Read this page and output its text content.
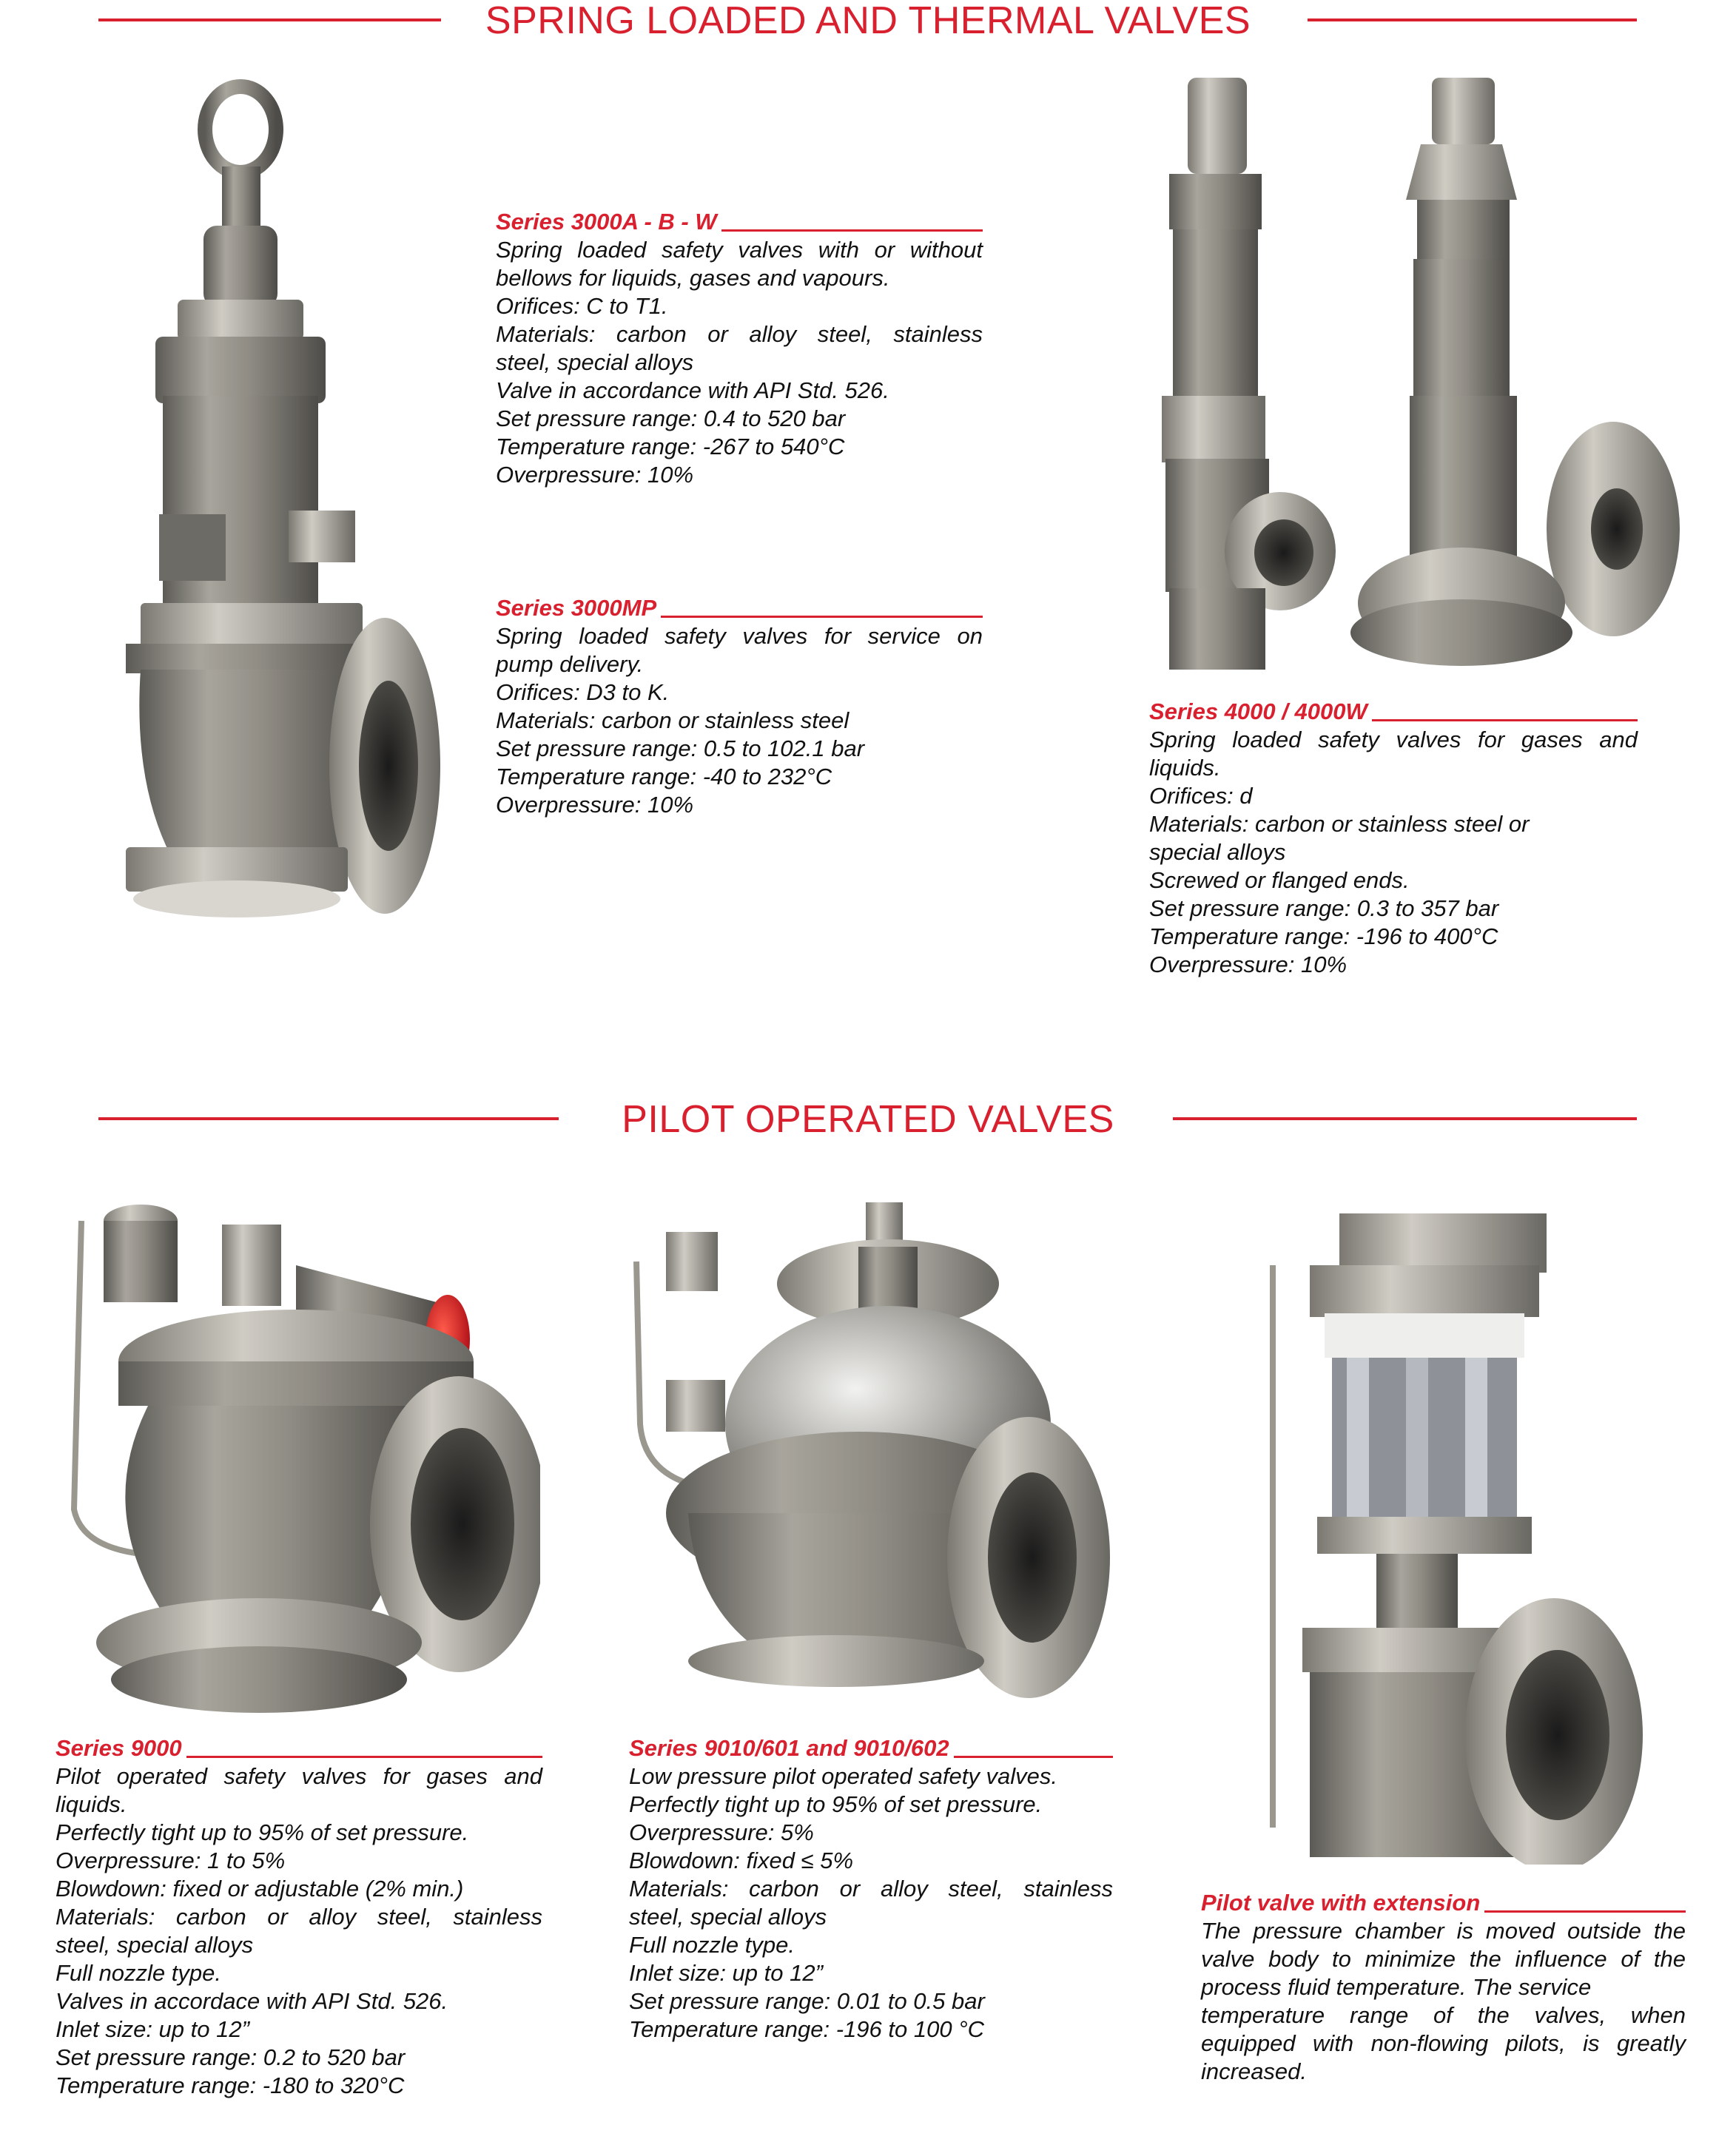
SPRING LOADED AND THERMAL VALVES
Series 3000A - B - W
Spring loaded safety valves with or without
bellows for liquids, gases and vapours.
Orifices: C to T1.
Materials: carbon or alloy steel, stainless
steel, special alloys
Valve in accordance with API Std. 526.
Set pressure range: 0.4 to 520 bar
Temperature range: -267 to 540°C
Overpressure: 10%
Series 3000MP
Spring loaded safety valves for service on
pump delivery.
Orifices: D3 to K.
Materials: carbon or stainless steel
Set pressure range: 0.5 to 102.1 bar
Temperature range: -40 to 232°C
Overpressure: 10%
Series 4000 / 4000W
Spring loaded safety valves for gases and
liquids.
Orifices: d
Materials: carbon or stainless steel or
special alloys
Screwed or flanged ends.
Set pressure range: 0.3 to 357 bar
Temperature range: -196 to 400°C
Overpressure: 10%
PILOT OPERATED VALVES
Series 9000
Pilot operated safety valves for gases and
liquids.
Perfectly tight up to 95% of set pressure.
Overpressure: 1 to 5%
Blowdown: fixed or adjustable (2% min.)
Materials: carbon or alloy steel, stainless
steel, special alloys
Full nozzle type.
Valves in accordace with API Std. 526.
Inlet size: up to 12”
Set pressure range: 0.2 to 520 bar
Temperature range: -180 to 320°C
Series 9010/601 and 9010/602
Low pressure pilot operated safety valves.
Perfectly tight up to 95% of set pressure.
Overpressure: 5%
Blowdown: fixed ≤ 5%
Materials: carbon or alloy steel, stainless
steel, special alloys
Full nozzle type.
Inlet size: up to 12”
Set pressure range: 0.01 to 0.5 bar
Temperature range: -196 to 100 °C
Pilot valve with extension
The pressure chamber is moved outside the
valve body to minimize the influence of the
process fluid temperature. The service
temperature range of the valves, when
equipped with non-flowing pilots, is greatly
increased.
